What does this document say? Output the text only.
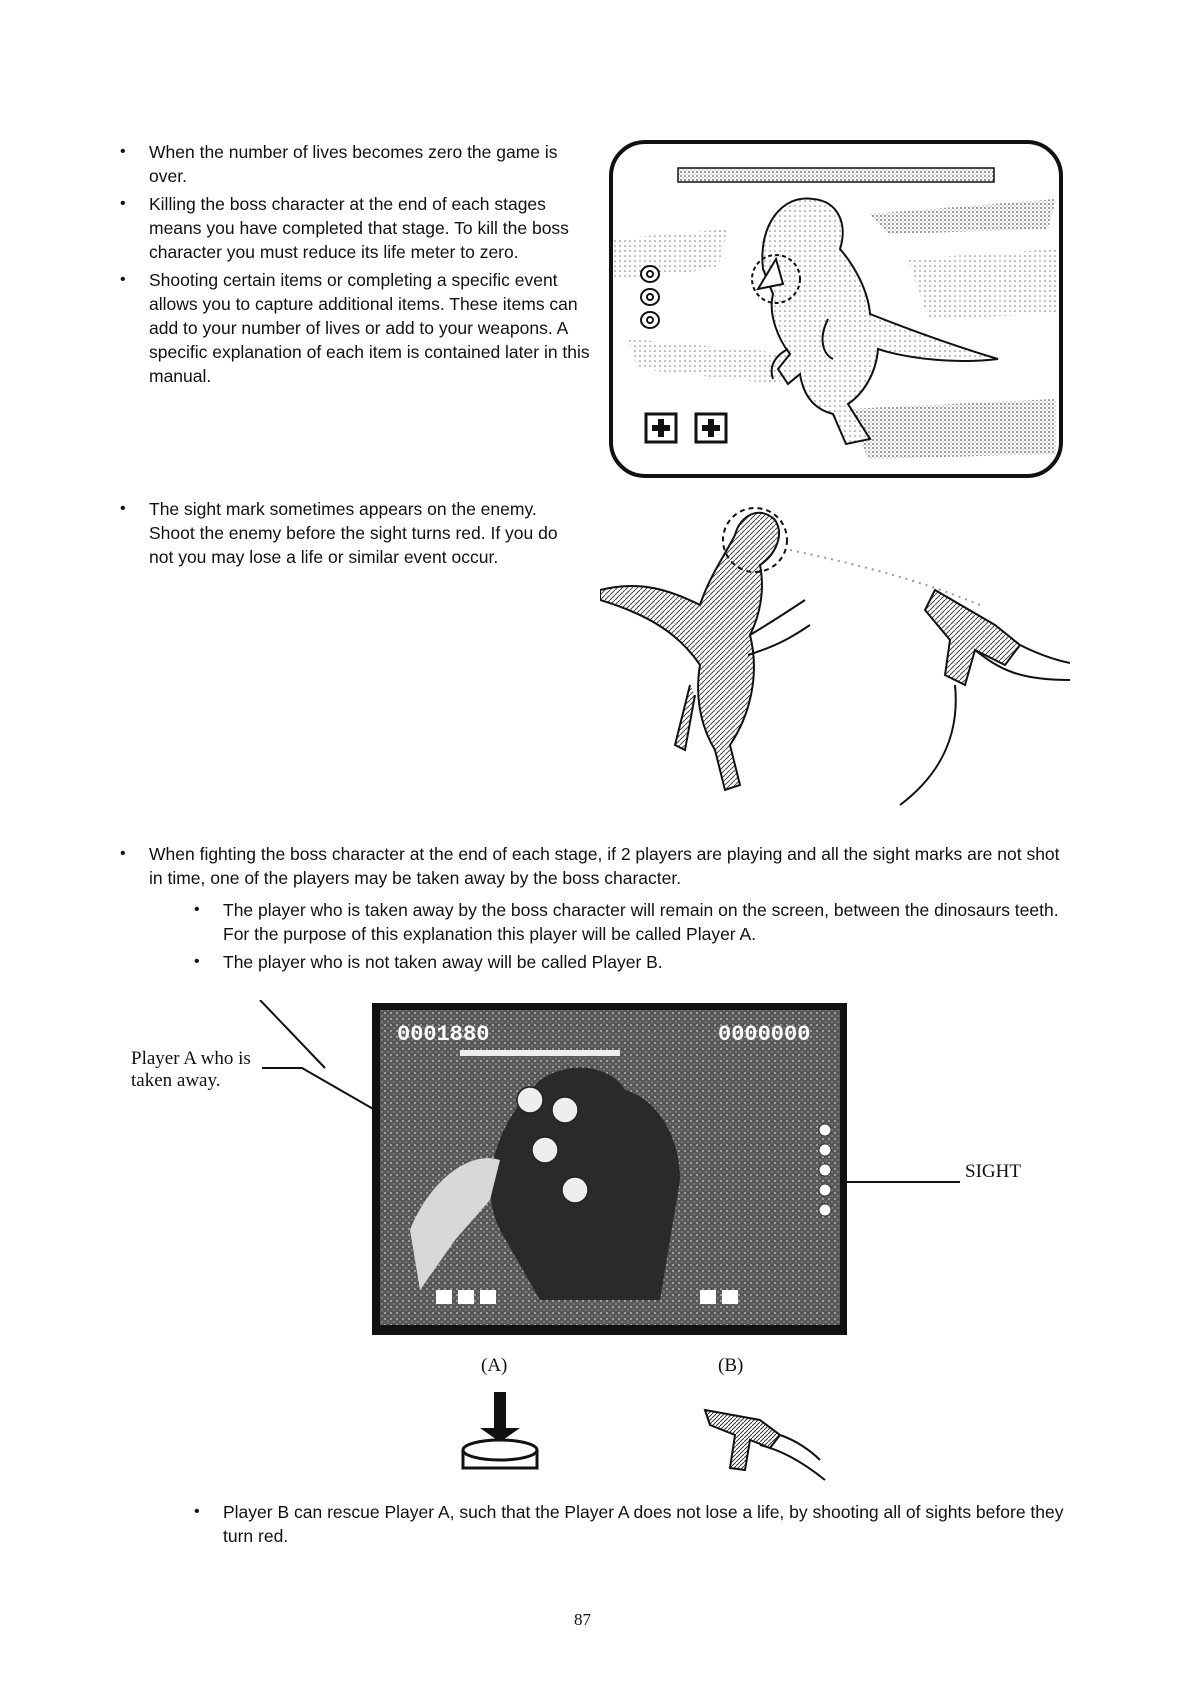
• When the number of lives becomes zero the game is over.
• Killing the boss character at the end of each stages means you have completed that stage. To kill the boss character you must reduce its life meter to zero.
• Shooting certain items or completing a specific event allows you to capture additional items. These items can add to your number of lives or add to your weapons. A specific explanation of each item is contained later in this manual.
• The sight mark sometimes appears on the enemy. Shoot the enemy before the sight turns red. If you do not you may lose a life or similar event occur.
• When fighting the boss character at the end of each stage, if 2 players are playing and all the sight marks are not shot in time, one of the players may be taken away by the boss character.
• The player who is taken away by the boss character will remain on the screen, between the dinosaurs teeth. For the purpose of this explanation this player will be called Player A.
• The player who is not taken away will be called Player B.
Player A who is taken away.
SIGHT
0001880	0000000
(A)	(B)
• Player B can rescue Player A, such that the Player A does not lose a life, by shooting all of sights before they turn red.
87
